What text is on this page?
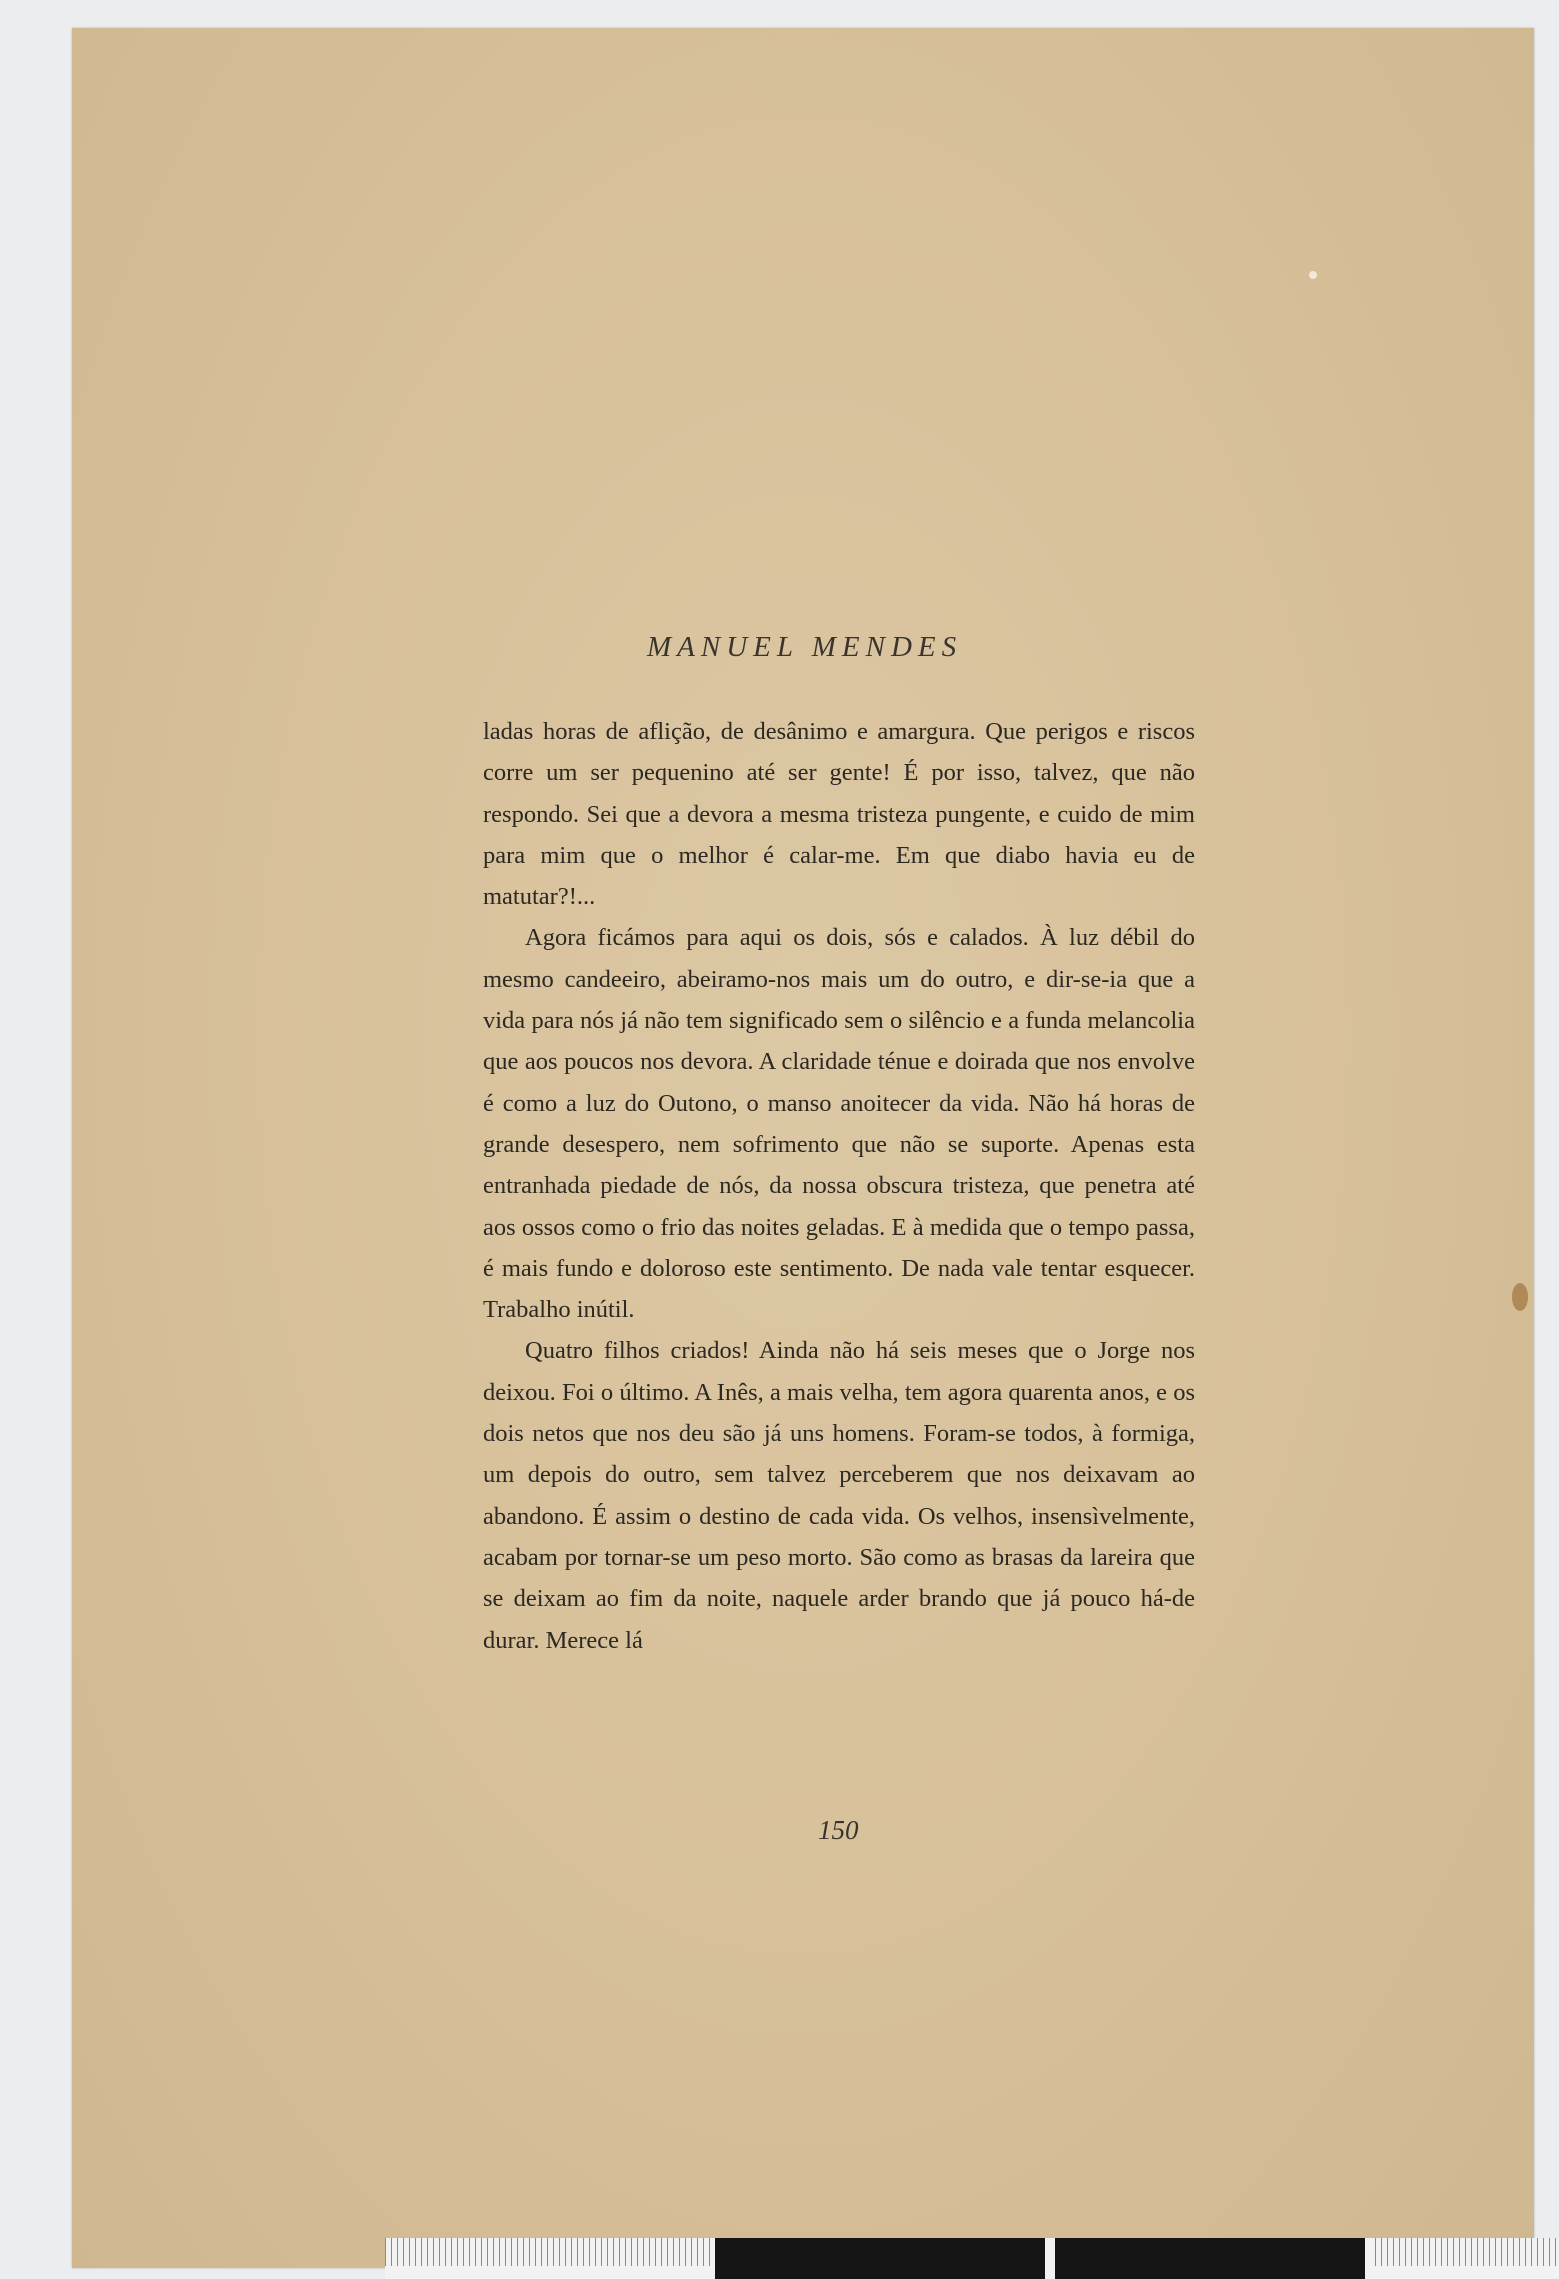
MANUEL MENDES

ladas horas de aflição, de desânimo e amargura. Que perigos e riscos corre um ser pequenino até ser gente! É por isso, talvez, que não respondo. Sei que a devora a mesma tristeza pungente, e cuido de mim para mim que o melhor é calar-me. Em que diabo havia eu de matutar?!...

Agora ficámos para aqui os dois, sós e calados. À luz débil do mesmo candeeiro, abeiramo-nos mais um do outro, e dir-se-ia que a vida para nós já não tem significado sem o silêncio e a funda melancolia que aos poucos nos devora. A claridade ténue e doirada que nos envolve é como a luz do Outono, o manso anoitecer da vida. Não há horas de grande desespero, nem sofrimento que não se suporte. Apenas esta entranhada piedade de nós, da nossa obscura tristeza, que penetra até aos ossos como o frio das noites geladas. E à medida que o tempo passa, é mais fundo e doloroso este sentimento. De nada vale tentar esquecer. Trabalho inútil.

Quatro filhos criados! Ainda não há seis meses que o Jorge nos deixou. Foi o último. A Inês, a mais velha, tem agora quarenta anos, e os dois netos que nos deu são já uns homens. Foram-se todos, à formiga, um depois do outro, sem talvez perceberem que nos deixavam ao abandono. É assim o destino de cada vida. Os velhos, insensìvelmente, acabam por tornar-se um peso morto. São como as brasas da lareira que se deixam ao fim da noite, naquele arder brando que já pouco há-de durar. Merece lá

150
